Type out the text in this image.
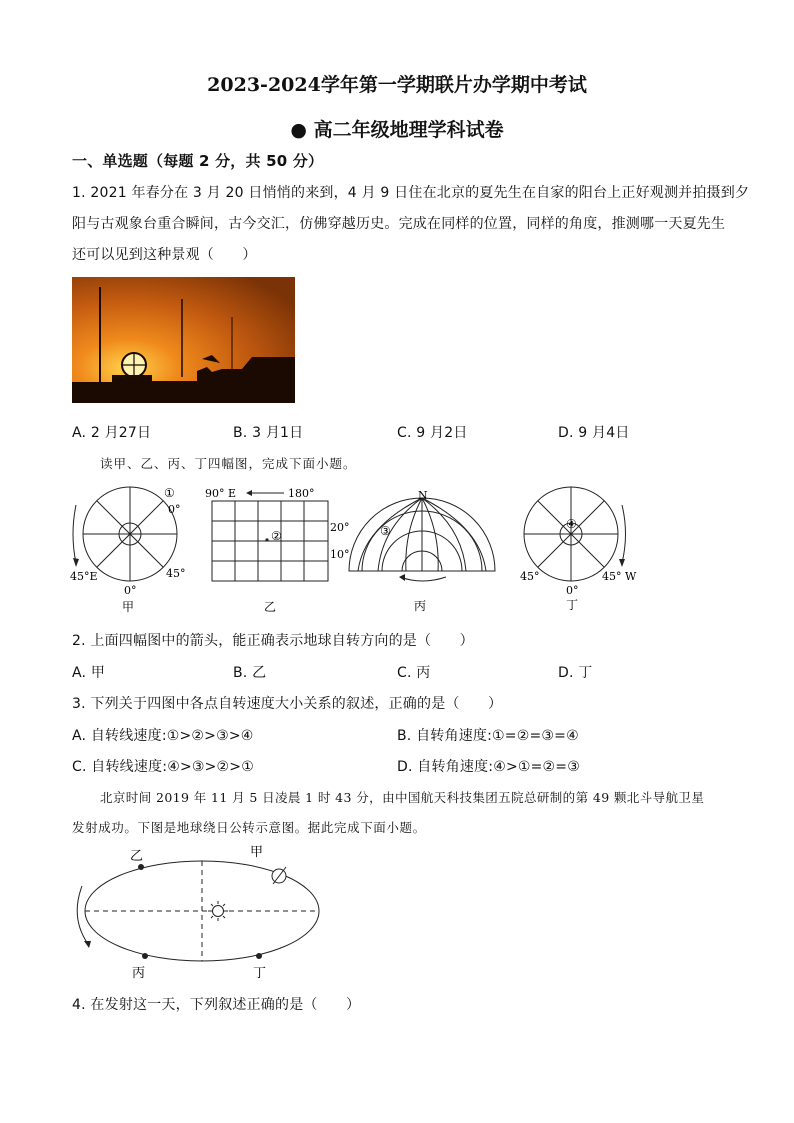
2023-2024学年第一学期联片办学期中考试
● 高二年级地理学科试卷
一、单选题（每题 2 分，共 50 分）
1. 2021 年春分在 3 月 20 日悄悄的来到，4 月 9 日住在北京的夏先生在自家的阳台上正好观测并拍摄到夕
阳与古观象台重合瞬间，古今交汇，仿佛穿越历史。完成在同样的位置，同样的角度，推测哪一天夏先生
还可以见到这种景观（　　）
A. 2 月27日	B. 3 月1日	C. 9 月2日	D. 9 月4日
读甲、乙、丙、丁四幅图，完成下面小题。
①
0°
45°E	45°
0°
甲
90° E	180°
②
20°
10°
乙
N
③
丙
④
45°	45° W
0°
丁
2. 上面四幅图中的箭头，能正确表示地球自转方向的是（　　）
A. 甲	B. 乙	C. 丙	D. 丁
3. 下列关于四图中各点自转速度大小关系的叙述，正确的是（　　）
A. 自转线速度:①>②>③>④	B. 自转角速度:①=②=③=④
C. 自转线速度:④>③>②>①	D. 自转角速度:④>①=②=③
北京时间 2019 年 11 月 5 日凌晨 1 时 43 分，由中国航天科技集团五院总研制的第 49 颗北斗导航卫星
发射成功。下图是地球绕日公转示意图。据此完成下面小题。
乙	甲
丙	丁
4. 在发射这一天，下列叙述正确的是（　　）
